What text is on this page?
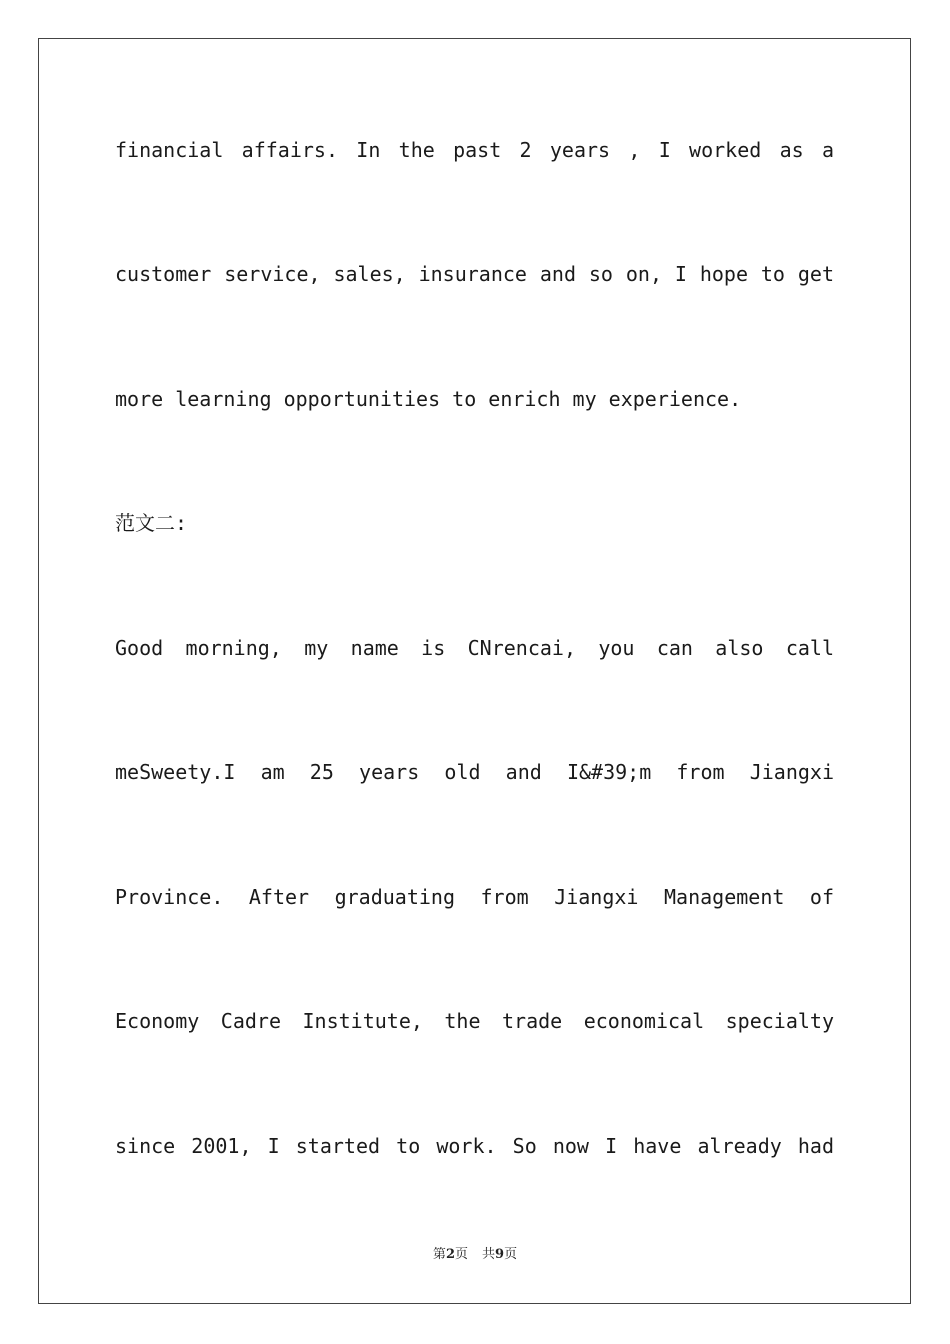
financial affairs. In the past 2 years , I worked as a
customer service, sales, insurance and so on, I hope to get
more learning opportunities to enrich my experience.
范文二:
Good morning, my name is CNrencai, you can also call
meSweety.I am 25 years old and I&#39;m from Jiangxi
Province. After graduating from Jiangxi Management of
Economy Cadre Institute, the trade economical specialty
since 2001, I started to work. So now I have already had
第2页 共9页
